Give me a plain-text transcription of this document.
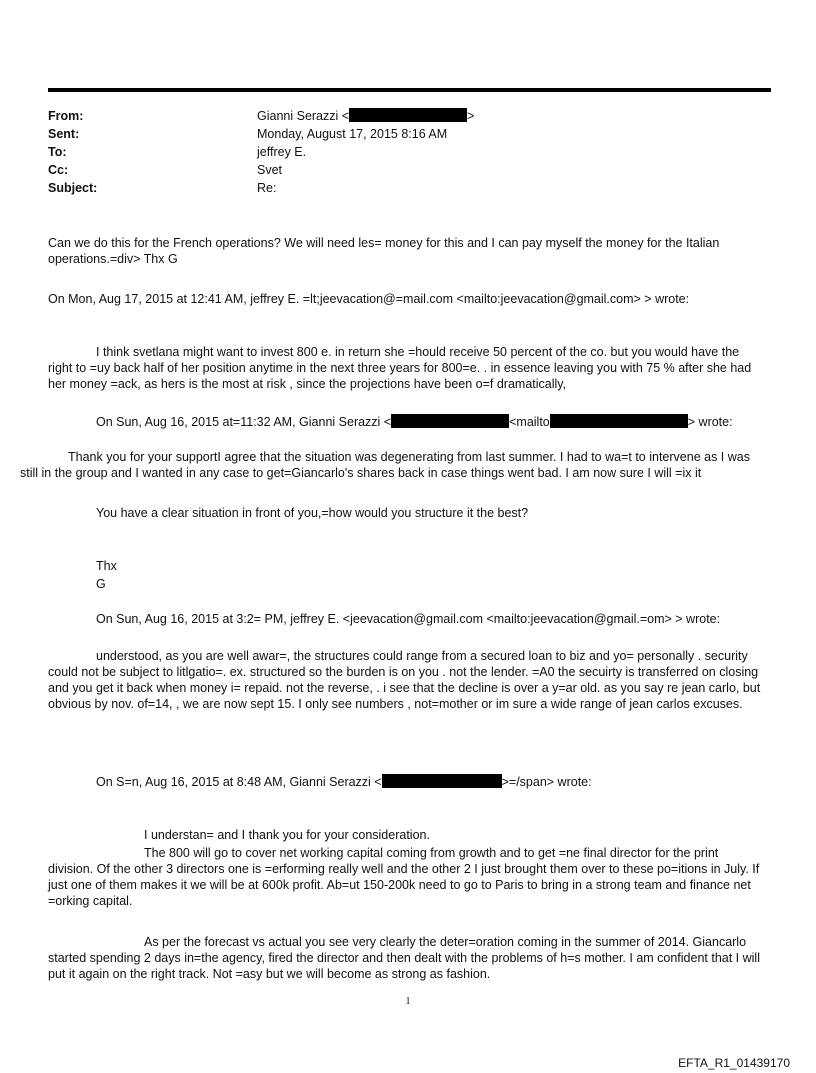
From:	Gianni Serazzi <	>
Sent:	Monday, August 17, 2015 8:16 AM
To:	jeffrey E.
Cc:	Svet
Subject:	Re:

Can we do this for the French operations? We will need les= money for this and I can pay myself the money for the Italian operations.=div> Thx G

On Mon, Aug 17, 2015 at 12:41 AM, jeffrey E. =lt;jeevacation@=mail.com <mailto:jeevacation@gmail.com> > wrote:

I think svetlana might want to invest 800 e. in return she =hould receive 50 percent of the co. but you would have the right to =uy back half of her position anytime in the next three years for 800=e. . in essence leaving you with 75 % after she had her money =ack, as hers is the most at risk , since the projections have been o=f dramatically,

On Sun, Aug 16, 2015 at=11:32 AM, Gianni Serazzi <	<mailto	> wrote:

Thank you for your supportI agree that the situation was degenerating from last summer. I had to wa=t to intervene as I was still in the group and I wanted in any case to get=Giancarlo's shares back in case things went bad. I am now sure I will =ix it

You have a clear situation in front of you,=how would you structure it the best?

Thx

G

On Sun, Aug 16, 2015 at 3:2= PM, jeffrey E. <jeevacation@gmail.com <mailto:jeevacation@gmail.=om> > wrote:

understood, as you are well awar=, the structures could range from a secured loan to biz and yo= personally . security could not be subject to litlgatio=. ex. structured so the burden is on you . not the lender. =A0 the secuirty is transferred on closing and you get it back when money i= repaid. not the reverse, . i see that the decline is over a y=ar old. as you say re jean carlo, but obvious by nov. of=14, , we are now sept 15. I only see numbers , not=mother or im sure a wide range of jean carlos excuses.

On S=n, Aug 16, 2015 at 8:48 AM, Gianni Serazzi <	>=/span> wrote:

I understan= and I thank you for your consideration.

The 800 will go to cover net working capital coming from growth and to get =ne final director for the print division. Of the other 3 directors one is =erforming really well and the other 2 I just brought them over to these po=itions in July. If just one of them makes it we will be at 600k profit. Ab=ut 150-200k need to go to Paris to bring in a strong team and finance net =orking capital.

As per the forecast vs actual you see very clearly the deter=oration coming in the summer of 2014. Giancarlo started spending 2 days in=the agency, fired the director and then dealt with the problems of h=s mother. I am confident that I will put it again on the right track. Not =asy but we will become as strong as fashion.

1
EFTA_R1_01439170
